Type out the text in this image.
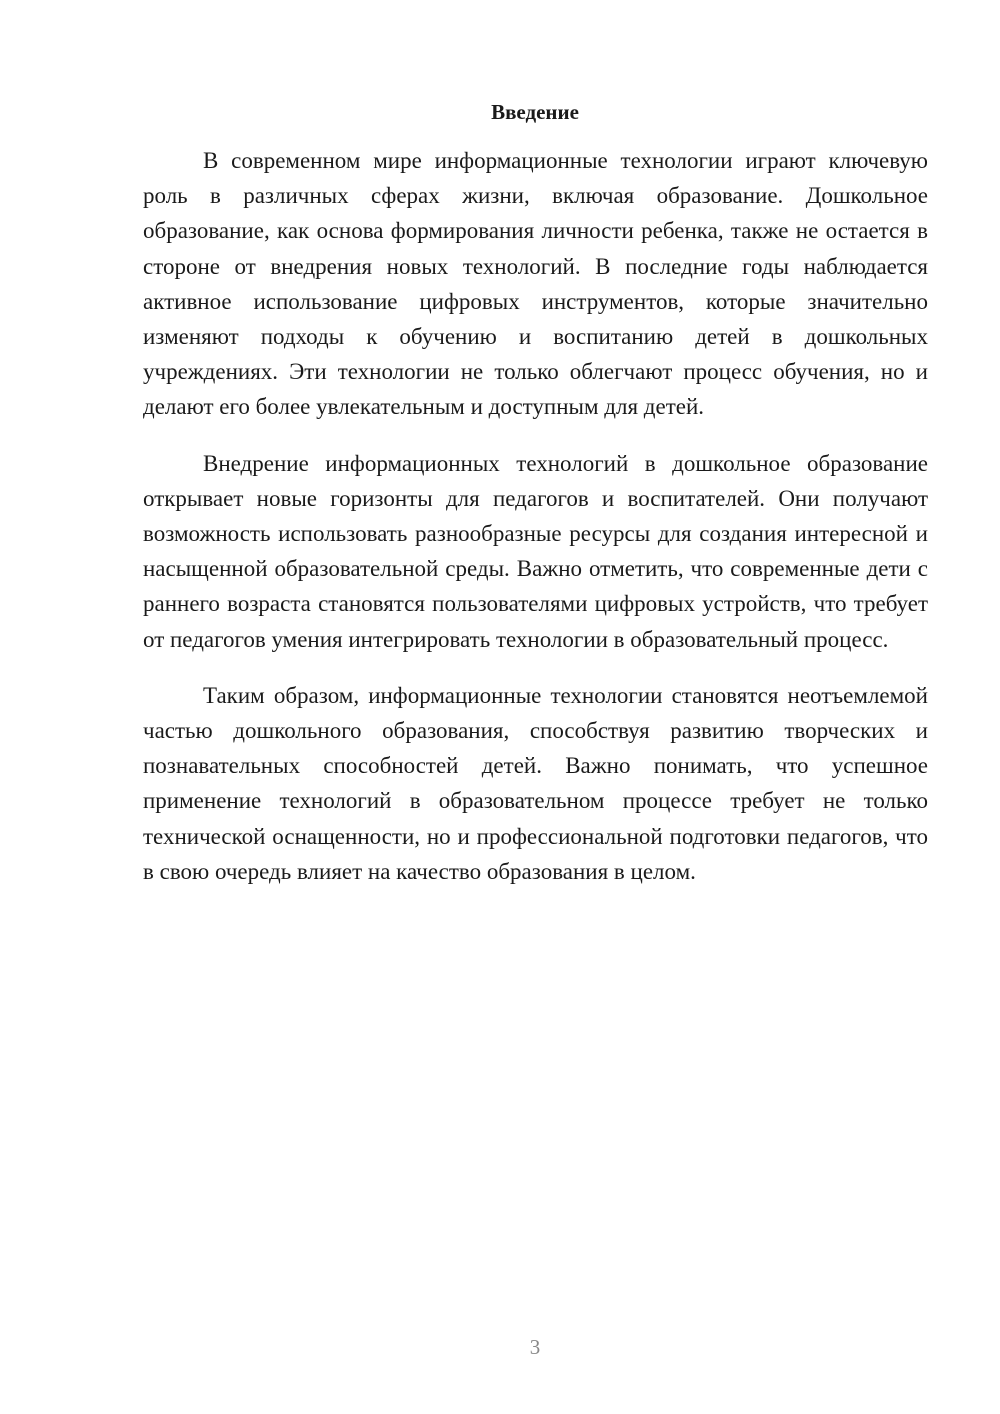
Введение

В современном мире информационные технологии играют ключевую роль в различных сферах жизни, включая образование. Дошкольное образование, как основа формирования личности ребенка, также не остается в стороне от внедрения новых технологий. В последние годы наблюдается активное использование цифровых инструментов, которые значительно изменяют подходы к обучению и воспитанию детей в дошкольных учреждениях. Эти технологии не только облегчают процесс обучения, но и делают его более увлекательным и доступным для детей.

Внедрение информационных технологий в дошкольное образование открывает новые горизонты для педагогов и воспитателей. Они получают возможность использовать разнообразные ресурсы для создания интересной и насыщенной образовательной среды. Важно отметить, что современные дети с раннего возраста становятся пользователями цифровых устройств, что требует от педагогов умения интегрировать технологии в образовательный процесс.

Таким образом, информационные технологии становятся неотъемлемой частью дошкольного образования, способствуя развитию творческих и познавательных способностей детей. Важно понимать, что успешное применение технологий в образовательном процессе требует не только технической оснащенности, но и профессиональной подготовки педагогов, что в свою очередь влияет на качество образования в целом.

3
